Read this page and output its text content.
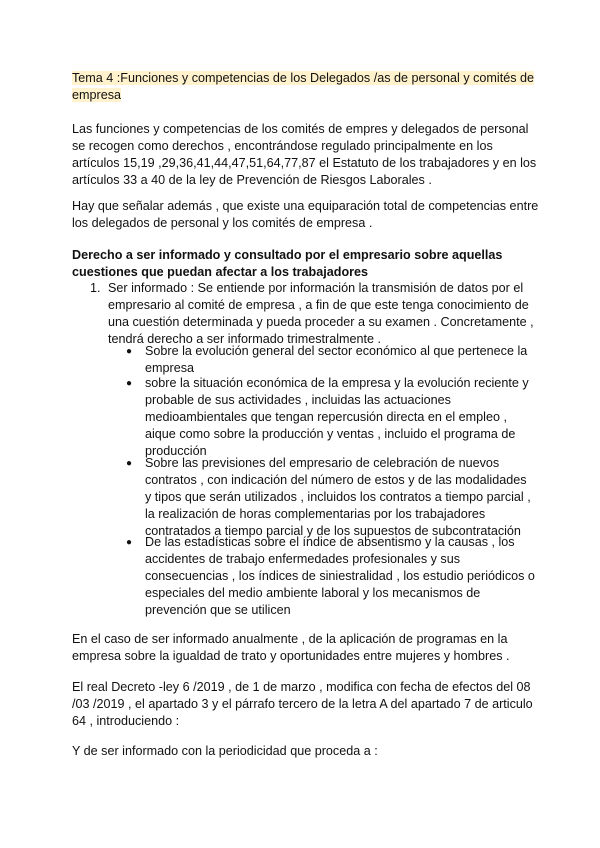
Tema 4 :Funciones y competencias de los Delegados /as de personal y comités de empresa
Las funciones y competencias de los comités de empres y delegados de personal se recogen como derechos , encontrándose regulado principalmente en los artículos 15,19 ,29,36,41,44,47,51,64,77,87 el Estatuto de los trabajadores y en los artículos 33 a 40 de la ley de Prevención de Riesgos Laborales .
Hay que señalar además , que existe una equiparación total de competencias entre los delegados de personal y los comités de empresa .
Derecho a ser informado y consultado por el empresario sobre aquellas cuestiones que puedan afectar a los trabajadores
1. Ser informado : Se entiende por información la transmisión de datos por el empresario al comité de empresa , a fin de que este tenga conocimiento de una cuestión determinada y pueda proceder a su examen . Concretamente , tendrá derecho a ser informado trimestralmente .
● Sobre la evolución general del sector económico al que pertenece la empresa
● sobre la situación económica de la empresa y la evolución reciente y probable de sus actividades , incluidas las actuaciones medioambientales que tengan repercusión directa en el empleo , aique como sobre la producción y ventas , incluido el programa de producción
● Sobre las previsiones del empresario de celebración de nuevos contratos , con indicación del número de estos y de las modalidades y tipos que serán utilizados , incluidos los contratos a tiempo parcial , la realización de horas complementarias por los trabajadores contratados a tiempo parcial y de los supuestos de subcontratación
● De las estadísticas sobre el índice de absentismo y la causas , los accidentes de trabajo enfermedades profesionales y sus consecuencias , los índices de siniestralidad , los estudio periódicos o especiales del medio ambiente laboral y los mecanismos de prevención que se utilicen
En el caso de ser informado anualmente , de la aplicación de programas en la empresa sobre la igualdad de trato y oportunidades entre mujeres y hombres .
El real Decreto -ley 6 /2019 , de 1 de marzo , modifica con fecha de efectos del 08 /03 /2019 , el apartado 3 y el párrafo tercero de la letra A del apartado 7 de articulo 64 , introduciendo :
Y de ser informado con la periodicidad que proceda a :
